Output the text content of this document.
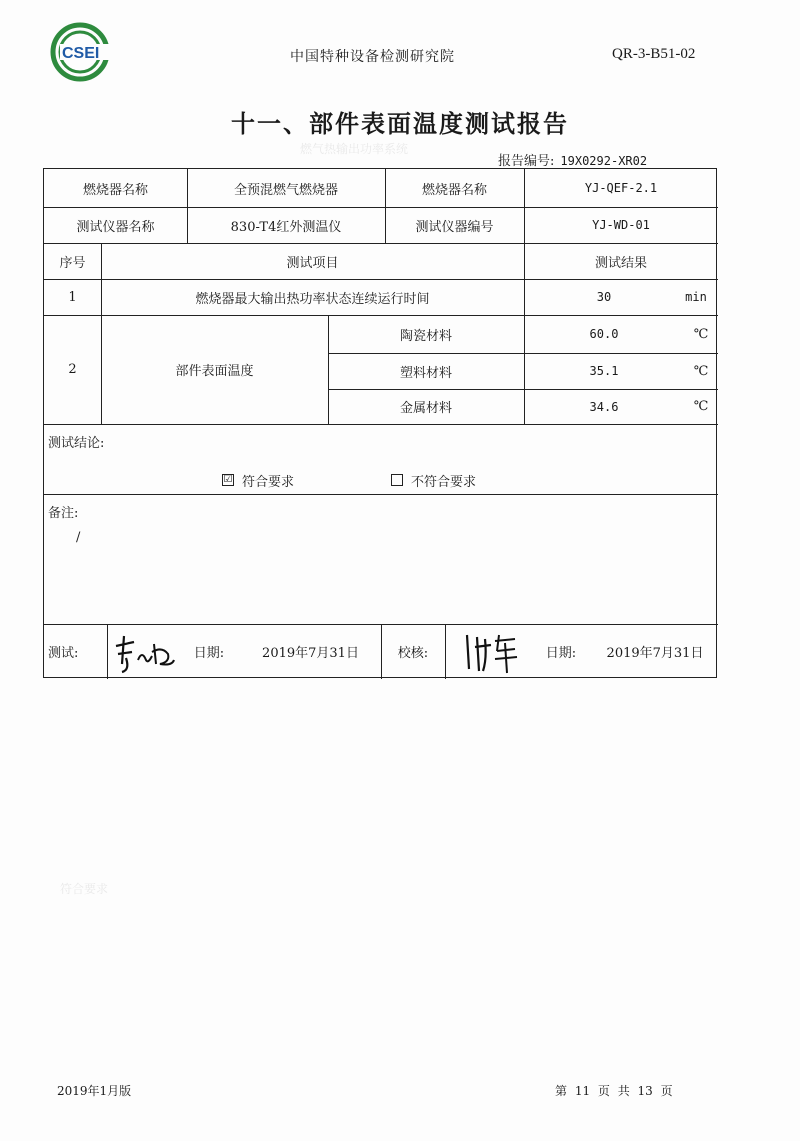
CSEI	中国特种设备检测研究院	QR-3-B51-02
燃气热输出功率系统
符合要求
十一、部件表面温度测试报告
报告编号: 19X0292-XR02
燃烧器名称	全预混燃气燃烧器	燃烧器名称	YJ-QEF-2.1
测试仪器名称	830-T4红外测温仪	测试仪器编号	YJ-WD-01
序号	测试项目	测试结果
1	燃烧器最大输出热功率状态连续运行时间	30	min
2	部件表面温度
陶瓷材料	60.0	℃
塑料材料	35.1	℃
金属材料	34.6	℃
测试结论:
☑ 符合要求	不符合要求
备注:
/
测试:	日期:	2019年7月31日	校核:	日期:	2019年7月31日
2019年1月版	第 11 页 共 13 页
